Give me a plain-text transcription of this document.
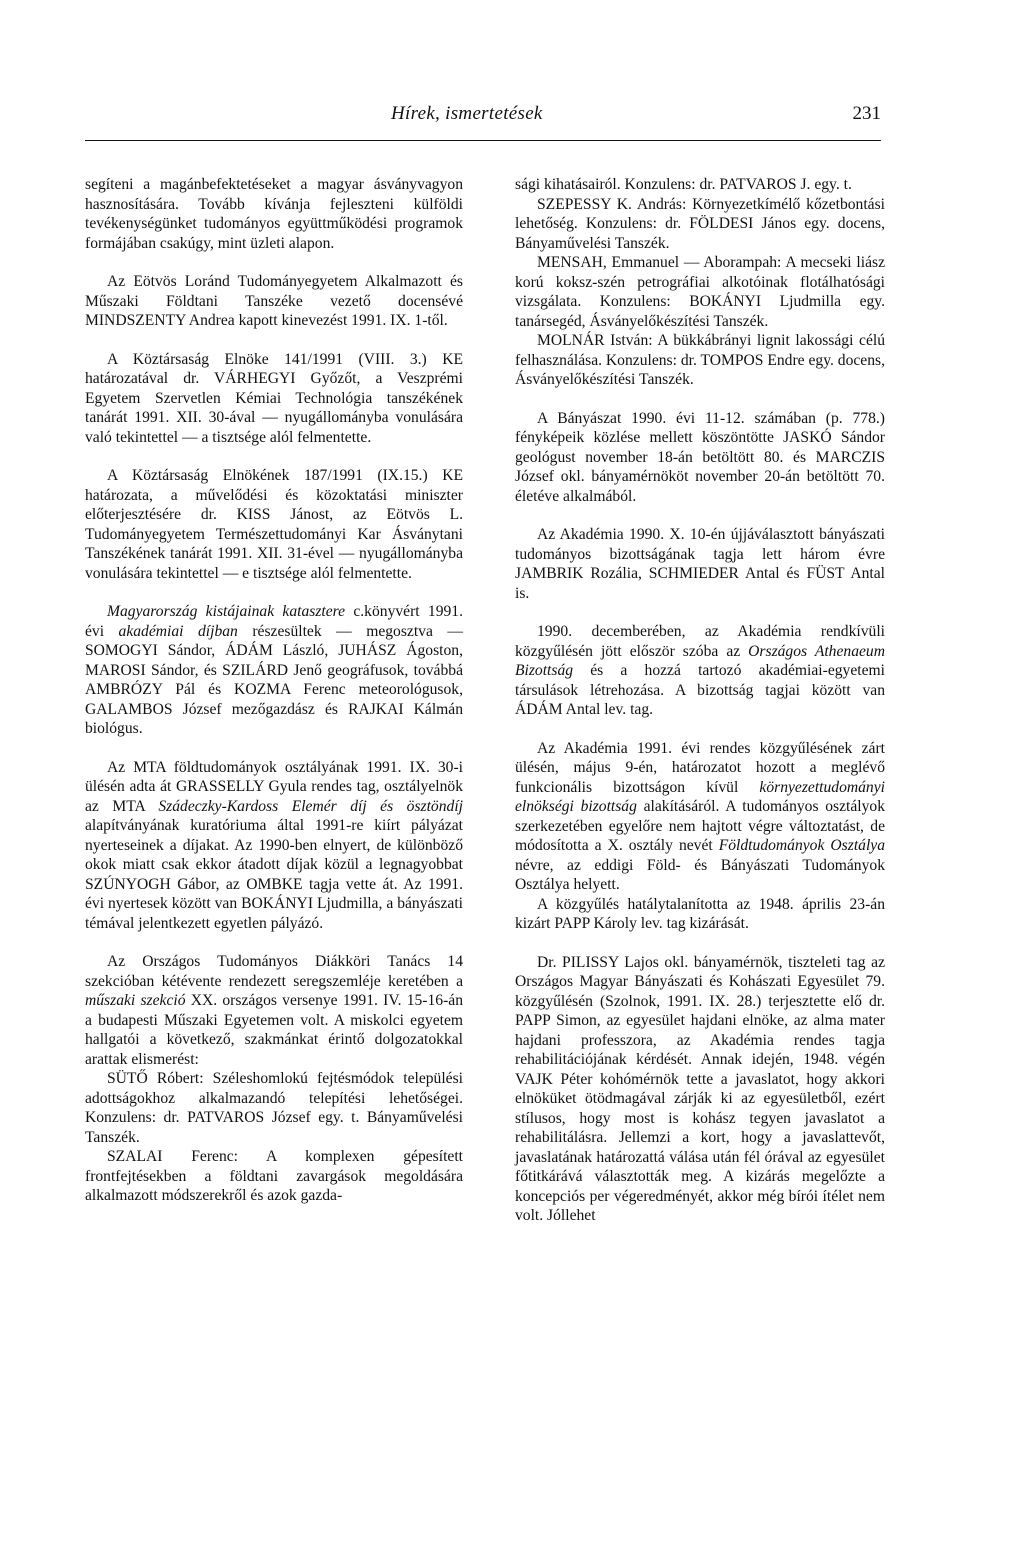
Hírek, ismertetések	231

segíteni a magánbefektetéseket a magyar ásványvagyon hasznosítására. Tovább kívánja fejleszteni külföldi tevékenységünket tudományos együttműködési programok formájában csakúgy, mint üzleti alapon.

Az Eötvös Loránd Tudományegyetem Alkalmazott és Műszaki Földtani Tanszéke vezető docensévé MINDSZENTY Andrea kapott kinevezést 1991. IX. 1-től.

A Köztársaság Elnöke 141/1991 (VIII. 3.) KE határozatával dr. VÁRHEGYI Győzőt, a Veszprémi Egyetem Szervetlen Kémiai Technológia tanszékének tanárát 1991. XII. 30-ával — nyugállományba vonulására való tekintettel — a tisztsége alól felmentette.

A Köztársaság Elnökének 187/1991 (IX.15.) KE határozata, a művelődési és közoktatási miniszter előterjesztésére dr. KISS Jánost, az Eötvös L. Tudományegyetem Természettudományi Kar Ásványtani Tanszékének tanárát 1991. XII. 31-ével — nyugállományba vonulására tekintettel — e tisztsége alól felmentette.

Magyarország kistájainak katasztere c.könyvért 1991. évi akadémiai díjban részesültek — megosztva — SOMOGYI Sándor, ÁDÁM László, JUHÁSZ Ágoston, MAROSI Sándor, és SZILÁRD Jenő geográfusok, továbbá AMBRÓZY Pál és KOZMA Ferenc meteorológusok, GALAMBOS József mezőgazdász és RAJKAI Kálmán biológus.

Az MTA földtudományok osztályának 1991. IX. 30-i ülésén adta át GRASSELLY Gyula rendes tag, osztályelnök az MTA Szádeczky-Kardoss Elemér díj és ösztöndíj alapítványának kuratóriuma által 1991-re kiírt pályázat nyerteseinek a díjakat. Az 1990-ben elnyert, de különböző okok miatt csak ekkor átadott díjak közül a legnagyobbat SZÚNYOGH Gábor, az OMBKE tagja vette át. Az 1991. évi nyertesek között van BOKÁNYI Ljudmilla, a bányászati témával jelentkezett egyetlen pályázó.

Az Országos Tudományos Diákköri Tanács 14 szekcióban kétévente rendezett seregszemléje keretében a műszaki szekció XX. országos versenye 1991. IV. 15-16-án a budapesti Műszaki Egyetemen volt. A miskolci egyetem hallgatói a következő, szakmánkat érintő dolgozatokkal arattak elismerést:

SÜTŐ Róbert: Széleshomlokú fejtésmódok települési adottságokhoz alkalmazandó telepítési lehetőségei. Konzulens: dr. PATVAROS József egy. t. Bányaművelési Tanszék.

SZALAI Ferenc: A komplexen gépesített frontfejtésekben a földtani zavargások megoldására alkalmazott módszerekről és azok gazda-

sági kihatásairól. Konzulens: dr. PATVAROS J. egy. t.

SZEPESSY K. András: Környezetkímélő kőzetbontási lehetőség. Konzulens: dr. FÖLDESI János egy. docens, Bányaművelési Tanszék.

MENSAH, Emmanuel — Aborampah: A mecseki liász korú koksz-szén petrográfiai alkotóinak flotálhatósági vizsgálata. Konzulens: BOKÁNYI Ljudmilla egy. tanársegéd, Ásványelőkészítési Tanszék.

MOLNÁR István: A bükkábrányi lignit lakossági célú felhasználása. Konzulens: dr. TOMPOS Endre egy. docens, Ásványelőkészítési Tanszék.

A Bányászat 1990. évi 11-12. számában (p. 778.) fényképeik közlése mellett köszöntötte JASKÓ Sándor geológust november 18-án betöltött 80. és MARCZIS József okl. bányamérnököt november 20-án betöltött 70. életéve alkalmából.

Az Akadémia 1990. X. 10-én újjáválasztott bányászati tudományos bizottságának tagja lett három évre JAMBRIK Rozália, SCHMIEDER Antal és FÜST Antal is.

1990. decemberében, az Akadémia rendkívüli közgyűlésén jött először szóba az Országos Athenaeum Bizottság és a hozzá tartozó akadémiai-egyetemi társulások létrehozása. A bizottság tagjai között van ÁDÁM Antal lev. tag.

Az Akadémia 1991. évi rendes közgyűlésének zárt ülésén, május 9-én, határozatot hozott a meglévő funkcionális bizottságon kívül környezettudományi elnökségi bizottság alakításáról. A tudományos osztályok szerkezetében egyelőre nem hajtott végre változtatást, de módosította a X. osztály nevét Földtudományok Osztálya névre, az eddigi Föld- és Bányászati Tudományok Osztálya helyett.

A közgyűlés hatálytalanította az 1948. április 23-án kizárt PAPP Károly lev. tag kizárását.

Dr. PILISSY Lajos okl. bányamérnök, tiszteleti tag az Országos Magyar Bányászati és Kohászati Egyesület 79. közgyűlésén (Szolnok, 1991. IX. 28.) terjesztette elő dr. PAPP Simon, az egyesület hajdani elnöke, az alma mater hajdani professzora, az Akadémia rendes tagja rehabilitációjának kérdését. Annak idején, 1948. végén VAJK Péter kohómérnök tette a javaslatot, hogy akkori elnöküket ötödmagával zárják ki az egyesületből, ezért stílusos, hogy most is kohász tegyen javaslatot a rehabilitálásra. Jellemzi a kort, hogy a javaslattevőt, javaslatának határozattá válása után fél órával az egyesület főtitkárává választották meg. A kizárás megelőzte a koncepciós per végeredményét, akkor még bírói ítélet nem volt. Jóllehet
